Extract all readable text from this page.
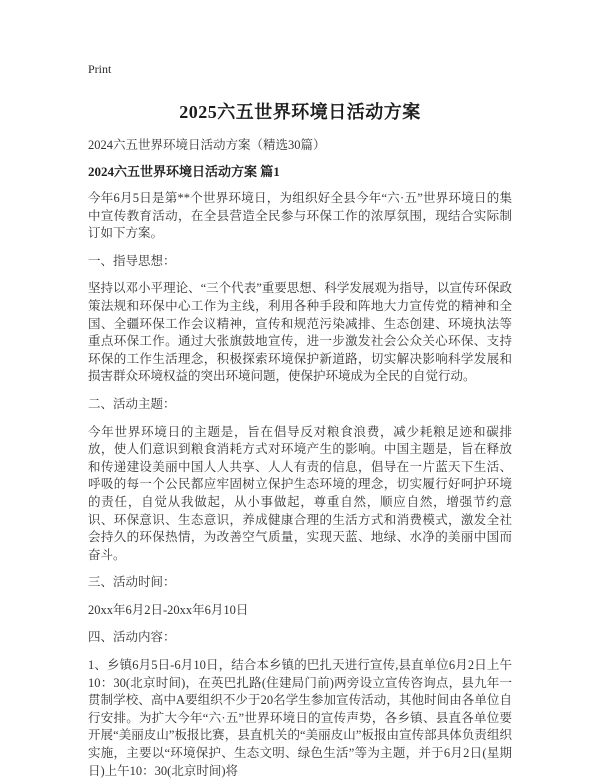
Print
2025六五世界环境日活动方案
2024六五世界环境日活动方案（精选30篇）
2024六五世界环境日活动方案 篇1

今年6月5日是第**个世界环境日，为组织好全县今年“六·五”世界环境日的集中宣传教育活动，在全县营造全民参与环保工作的浓厚氛围，现结合实际制订如下方案。

一、指导思想：

坚持以邓小平理论、“三个代表”重要思想、科学发展观为指导，以宣传环保政策法规和环保中心工作为主线，利用各种手段和阵地大力宣传党的精神和全国、全疆环保工作会议精神，宣传和规范污染减排、生态创建、环境执法等重点环保工作。通过大张旗鼓地宣传，进一步激发社会公众关心环保、支持环保的工作生活理念，积极探索环境保护新道路，切实解决影响科学发展和损害群众环境权益的突出环境问题，使保护环境成为全民的自觉行动。

二、活动主题：

今年世界环境日的主题是，旨在倡导反对粮食浪费，减少耗粮足迹和碳排放，使人们意识到粮食消耗方式对环境产生的影响。中国主题是，旨在释放和传递建设美丽中国人人共享、人人有责的信息，倡导在一片蓝天下生活、呼吸的每一个公民都应牢固树立保护生态环境的理念，切实履行好呵护环境的责任，自觉从我做起，从小事做起，尊重自然，顺应自然，增强节约意识、环保意识、生态意识，养成健康合理的生活方式和消费模式，激发全社会持久的环保热情，为改善空气质量，实现天蓝、地绿、水净的美丽中国而奋斗。

三、活动时间：

20xx年6月2日-20xx年6月10日

四、活动内容：

1、乡镇6月5日-6月10日，结合本乡镇的巴扎天进行宣传,县直单位6月2日上午10：30(北京时间)，在英巴扎路(住建局门前)两旁设立宣传咨询点，县九年一贯制学校、高中A要组织不少于20名学生参加宣传活动，其他时间由各单位自行安排。为扩大今年“六·五”世界环境日的宣传声势，各乡镇、县直各单位要开展“美丽皮山”板报比赛，县直机关的“美丽皮山”板报由宣传部具体负责组织实施，主要以“环境保护、生态文明、绿色生活”等为主题，并于6月2日(星期日)上午10：30(北京时间)将
